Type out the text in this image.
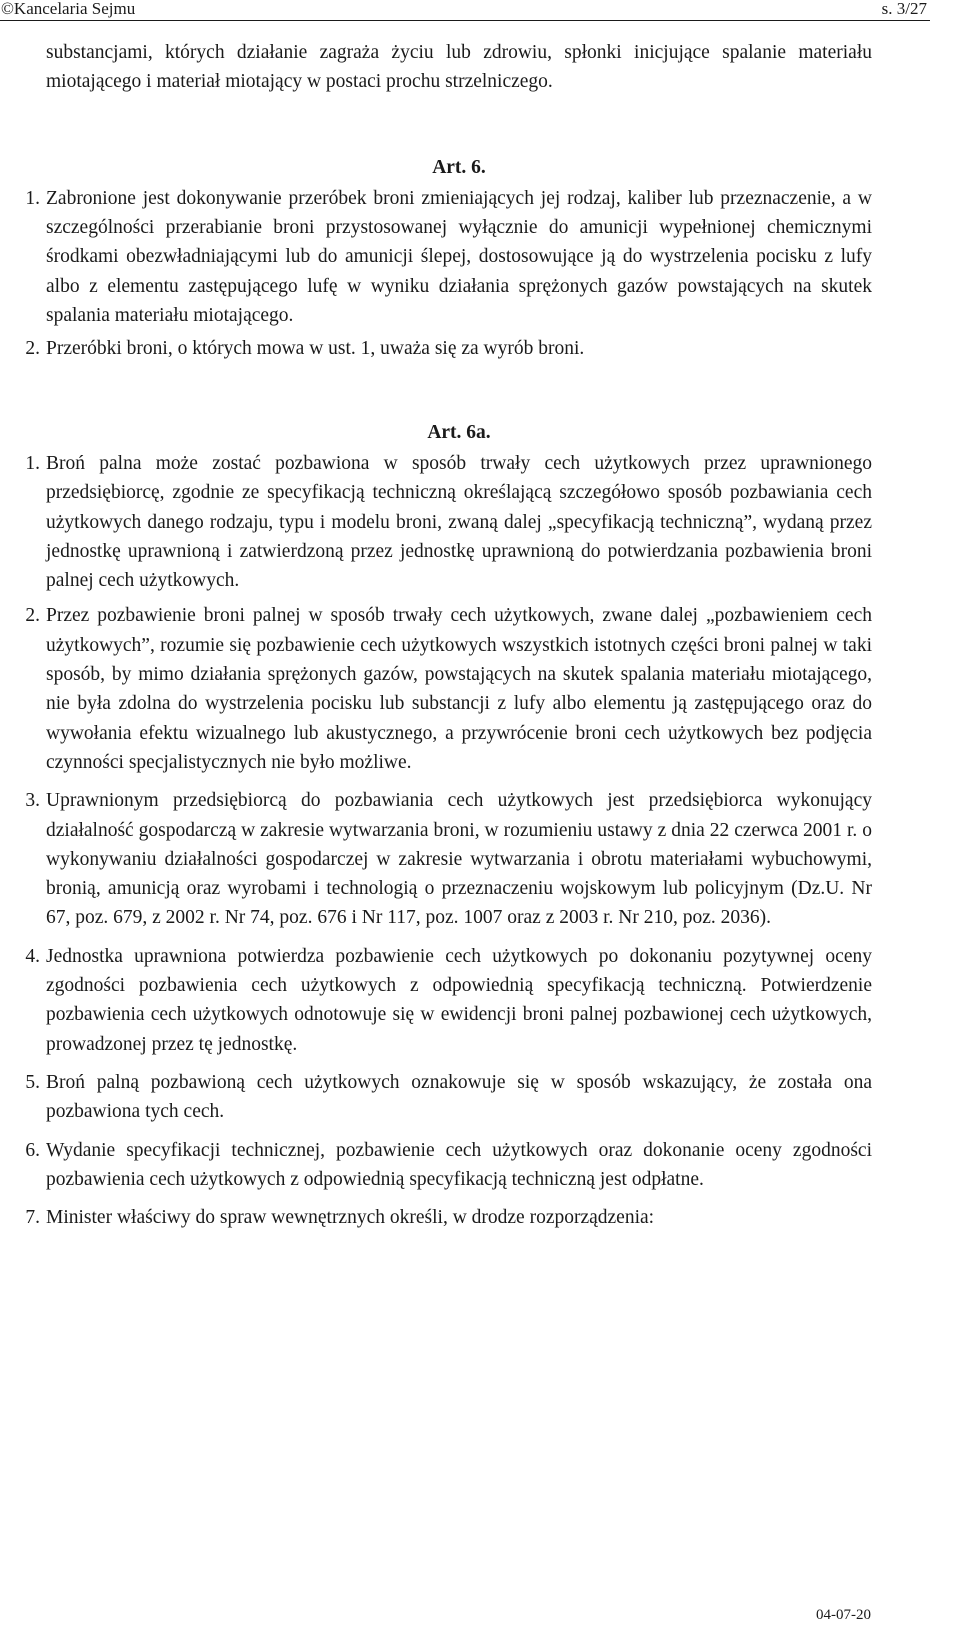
©Kancelaria Sejmu	s. 3/27

substancjami, których działanie zagraża życiu lub zdrowiu, spłonki inicjujące spalanie materiału miotającego i materiał miotający w postaci prochu strzelniczego.

Art. 6.

1. Zabronione jest dokonywanie przeróbek broni zmieniających jej rodzaj, kaliber lub przeznaczenie, a w szczególności przerabianie broni przystosowanej wyłącznie do amunicji wypełnionej chemicznymi środkami obezwładniającymi lub do amunicji ślepej, dostosowujące ją do wystrzelenia pocisku z lufy albo z elementu zastępującego lufę w wyniku działania sprężonych gazów powstających na skutek spalania materiału miotającego.
2. Przeróbki broni, o których mowa w ust. 1, uważa się za wyrób broni.

Art. 6a.

1. Broń palna może zostać pozbawiona w sposób trwały cech użytkowych przez uprawnionego przedsiębiorcę, zgodnie ze specyfikacją techniczną określającą szczegółowo sposób pozbawiania cech użytkowych danego rodzaju, typu i modelu broni, zwaną dalej „specyfikacją techniczną”, wydaną przez jednostkę uprawnioną i zatwierdzoną przez jednostkę uprawnioną do potwierdzania pozbawienia broni palnej cech użytkowych.
2. Przez pozbawienie broni palnej w sposób trwały cech użytkowych, zwane dalej „pozbawieniem cech użytkowych”, rozumie się pozbawienie cech użytkowych wszystkich istotnych części broni palnej w taki sposób, by mimo działania sprężonych gazów, powstających na skutek spalania materiału miotającego, nie była zdolna do wystrzelenia pocisku lub substancji z lufy albo elementu ją zastępującego oraz do wywołania efektu wizualnego lub akustycznego, a przywrócenie broni cech użytkowych bez podjęcia czynności specjalistycznych nie było możliwe.
3. Uprawnionym przedsiębiorcą do pozbawiania cech użytkowych jest przedsiębiorca wykonujący działalność gospodarczą w zakresie wytwarzania broni, w rozumieniu ustawy z dnia 22 czerwca 2001 r. o wykonywaniu działalności gospodarczej w zakresie wytwarzania i obrotu materiałami wybuchowymi, bronią, amunicją oraz wyrobami i technologią o przeznaczeniu wojskowym lub policyjnym (Dz.U. Nr 67, poz. 679, z 2002 r. Nr 74, poz. 676 i Nr 117, poz. 1007 oraz z 2003 r. Nr 210, poz. 2036).
4. Jednostka uprawniona potwierdza pozbawienie cech użytkowych po dokonaniu pozytywnej oceny zgodności pozbawienia cech użytkowych z odpowiednią specyfikacją techniczną. Potwierdzenie pozbawienia cech użytkowych odnotowuje się w ewidencji broni palnej pozbawionej cech użytkowych, prowadzonej przez tę jednostkę.
5. Broń palną pozbawioną cech użytkowych oznakowuje się w sposób wskazujący, że została ona pozbawiona tych cech.
6. Wydanie specyfikacji technicznej, pozbawienie cech użytkowych oraz dokonanie oceny zgodności pozbawienia cech użytkowych z odpowiednią specyfikacją techniczną jest odpłatne.
7. Minister właściwy do spraw wewnętrznych określi, w drodze rozporządzenia:
04-07-20
